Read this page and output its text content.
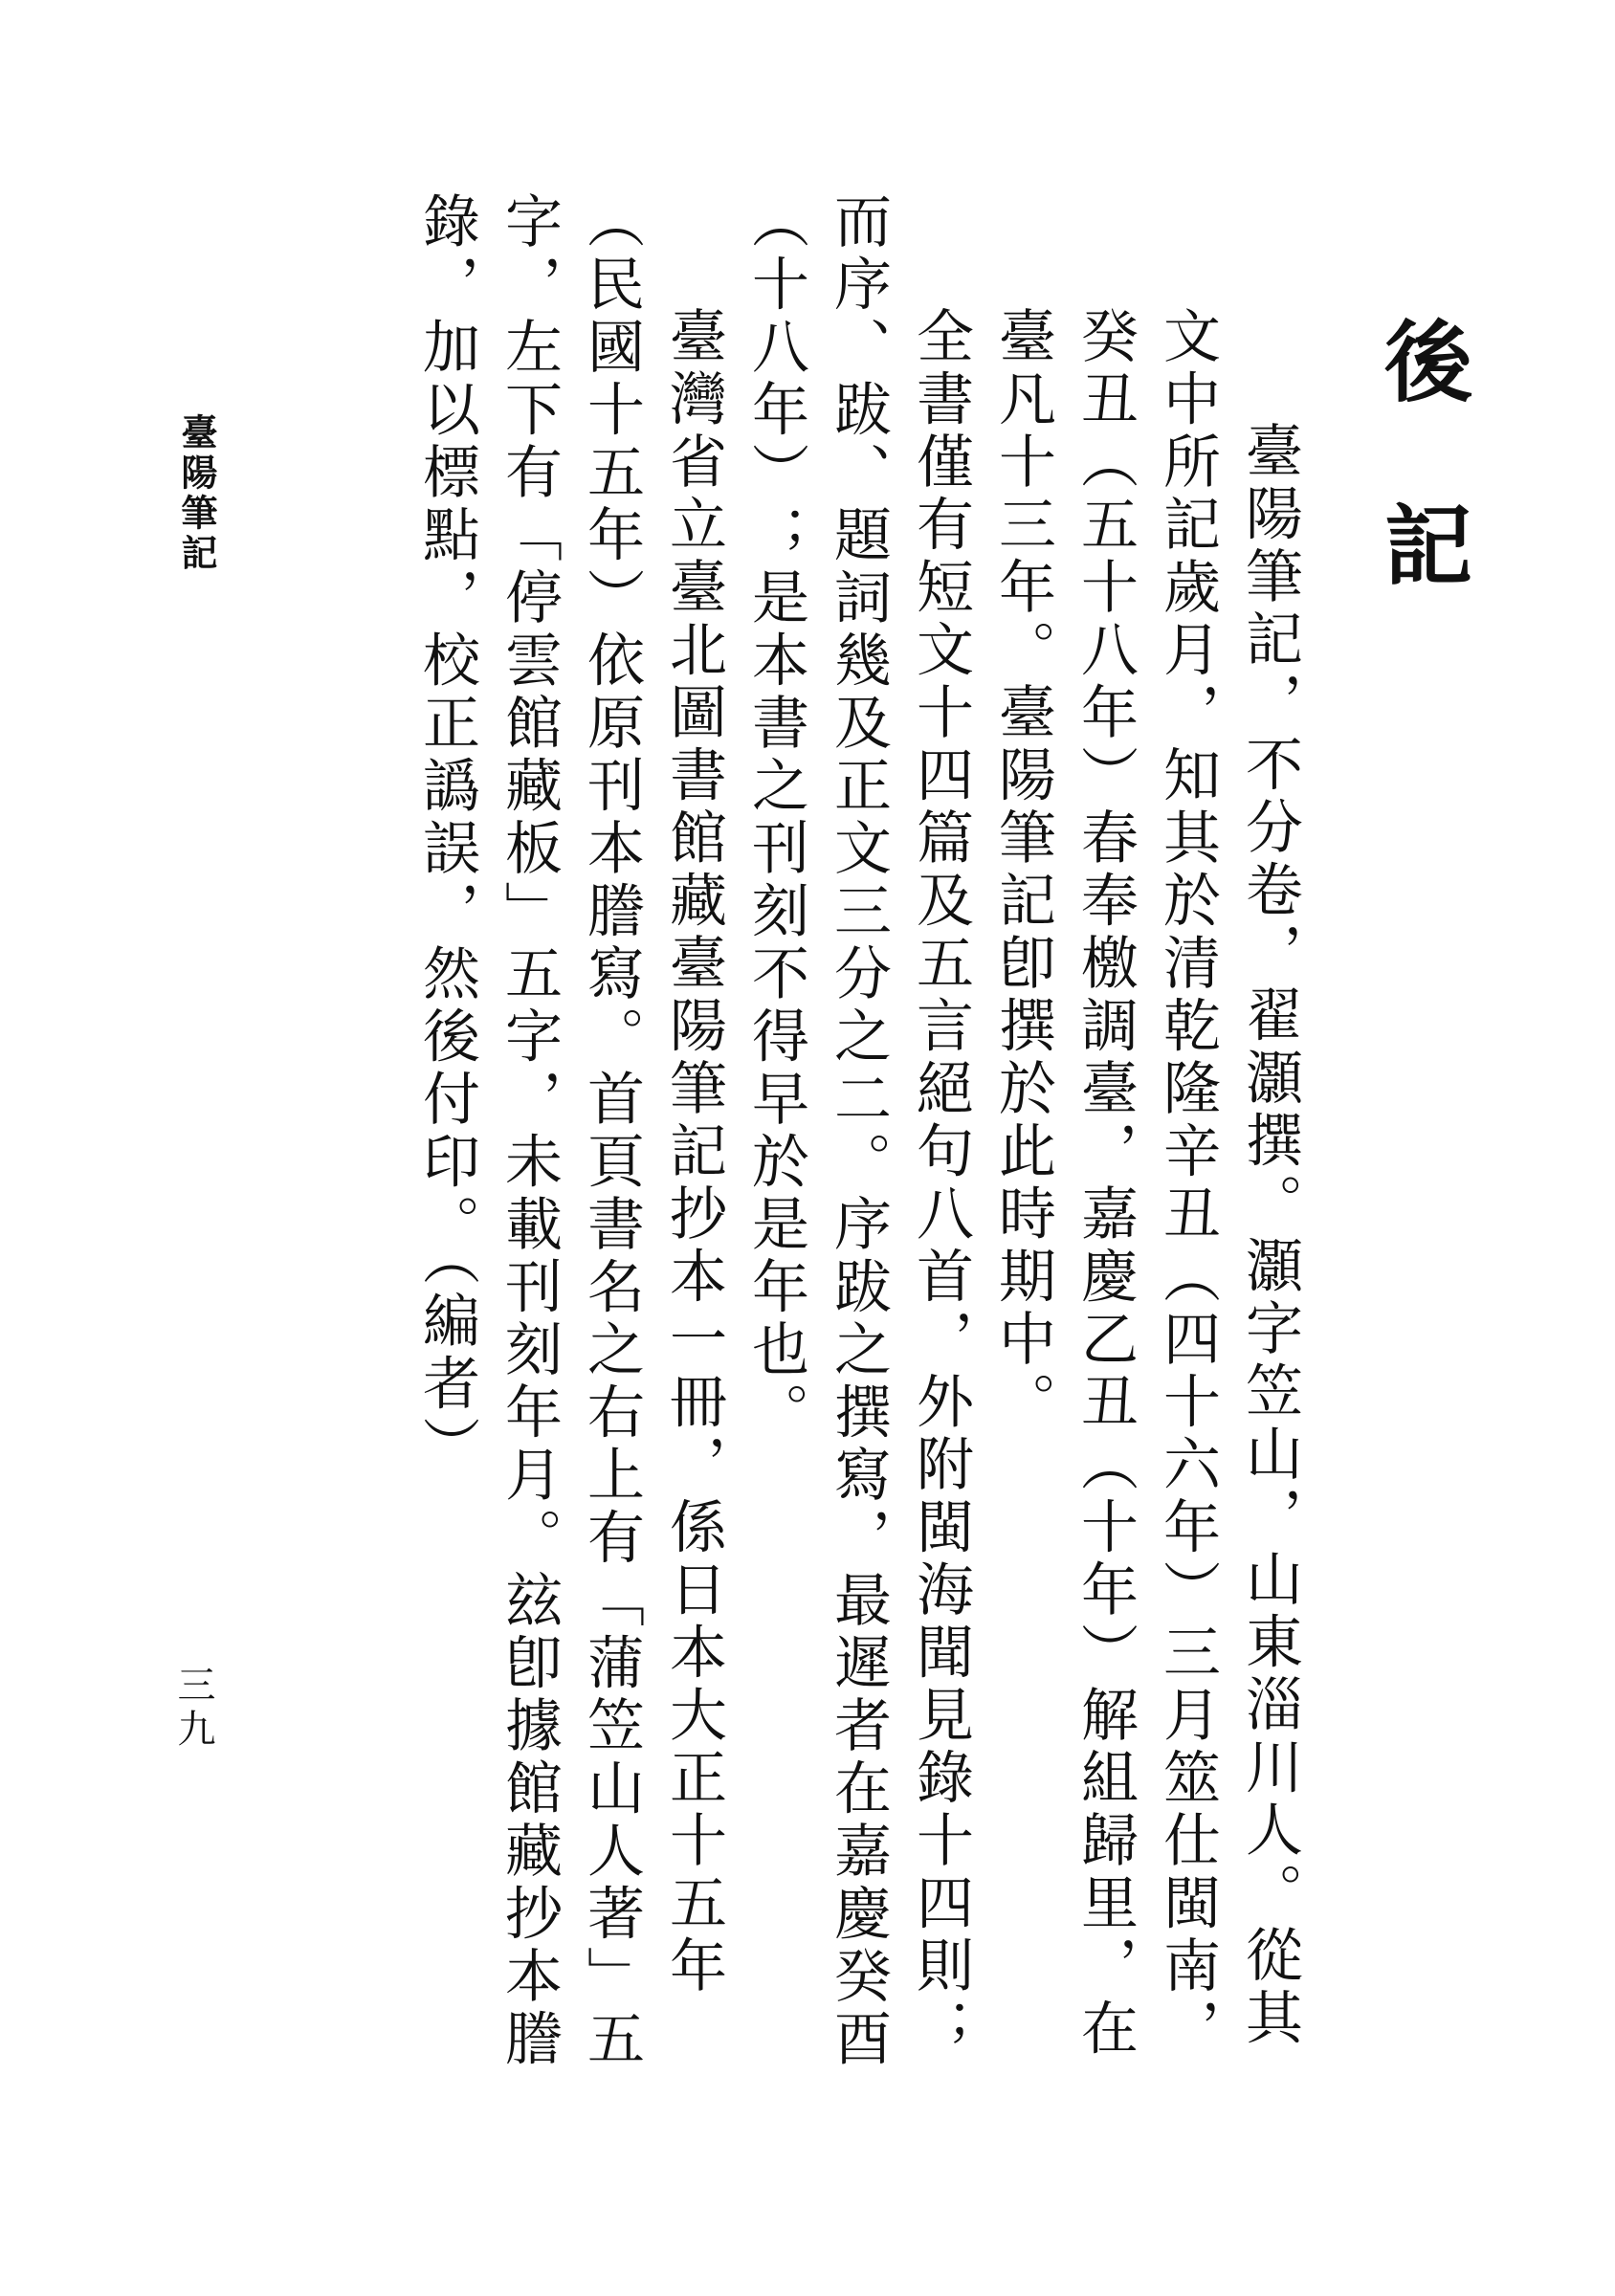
後記

臺陽筆記，不分卷，翟灝撰。灝字笠山，山東淄川人。從其文中所記歲月，知其於清乾隆辛丑（四十六年）三月筮仕閩南，癸丑（五十八年）春奉檄調臺，嘉慶乙丑（十年）解組歸里，在臺凡十三年。臺陽筆記卽撰於此時期中。

全書僅有短文十四篇及五言絕句八首，外附閩海聞見錄十四則；而序、跋、題詞幾及正文三分之二。序跋之撰寫，最遲者在嘉慶癸酉（十八年）；是本書之刊刻不得早於是年也。

臺灣省立臺北圖書館藏臺陽筆記抄本一冊，係日本大正十五年（民國十五年）依原刊本謄寫。首頁書名之右上有「蒲笠山人著」五字，左下有「停雲館藏板」五字，未載刊刻年月。玆卽據館藏抄本謄錄，加以標點，校正譌誤，然後付印。（編者）

臺陽筆記
三九
